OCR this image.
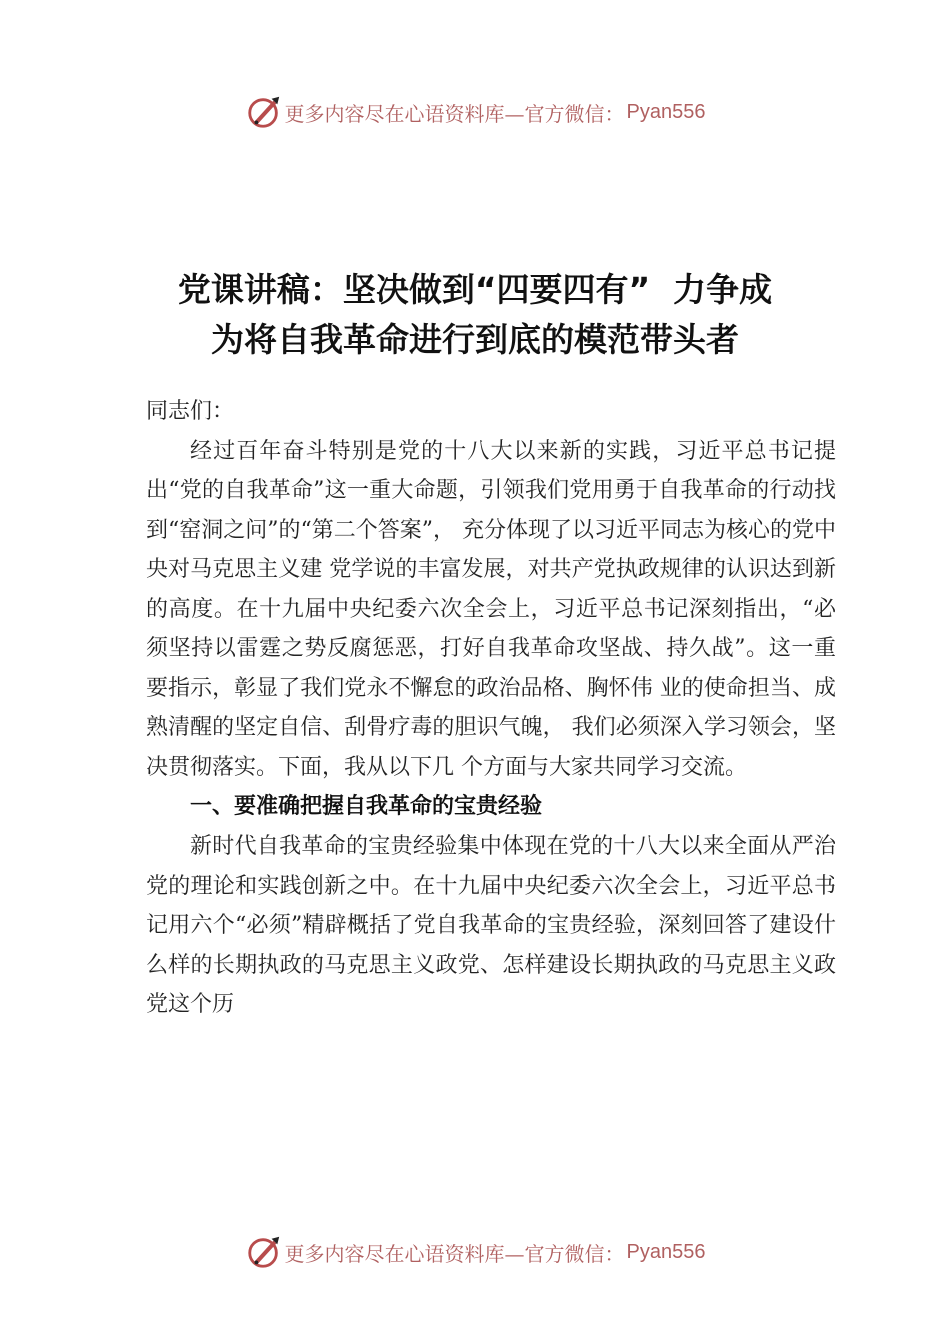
更多内容尽在心语资料库—官方微信： Pyan556
党课讲稿：坚决做到“四要四有”  力争成
为将自我革命进行到底的模范带头者

同志们：

经过百年奋斗特别是党的十八大以来新的实践，习近平总书记提出“党的自我革命”这一重大命题，引领我们党用勇于自我革命的行动找到“窑洞之问”的“第二个答案”， 充分体现了以习近平同志为核心的党中央对马克思主义建 党学说的丰富发展，对共产党执政规律的认识达到新的高度。在十九届中央纪委六次全会上，习近平总书记深刻指出，“必 须坚持以雷霆之势反腐惩恶，打好自我革命攻坚战、持久战”。这一重要指示，彰显了我们党永不懈怠的政治品格、胸怀伟 业的使命担当、成熟清醒的坚定自信、刮骨疗毒的胆识气魄， 我们必须深入学习领会，坚决贯彻落实。下面，我从以下几 个方面与大家共同学习交流。

一、要准确把握自我革命的宝贵经验

新时代自我革命的宝贵经验集中体现在党的十八大以来全面从严治党的理论和实践创新之中。在十九届中央纪委六次全会上，习近平总书记用六个“必须”精辟概括了党自我革命的宝贵经验，深刻回答了建设什么样的长期执政的马克思主义政党、怎样建设长期执政的马克思主义政党这个历

更多内容尽在心语资料库—官方微信： Pyan556
